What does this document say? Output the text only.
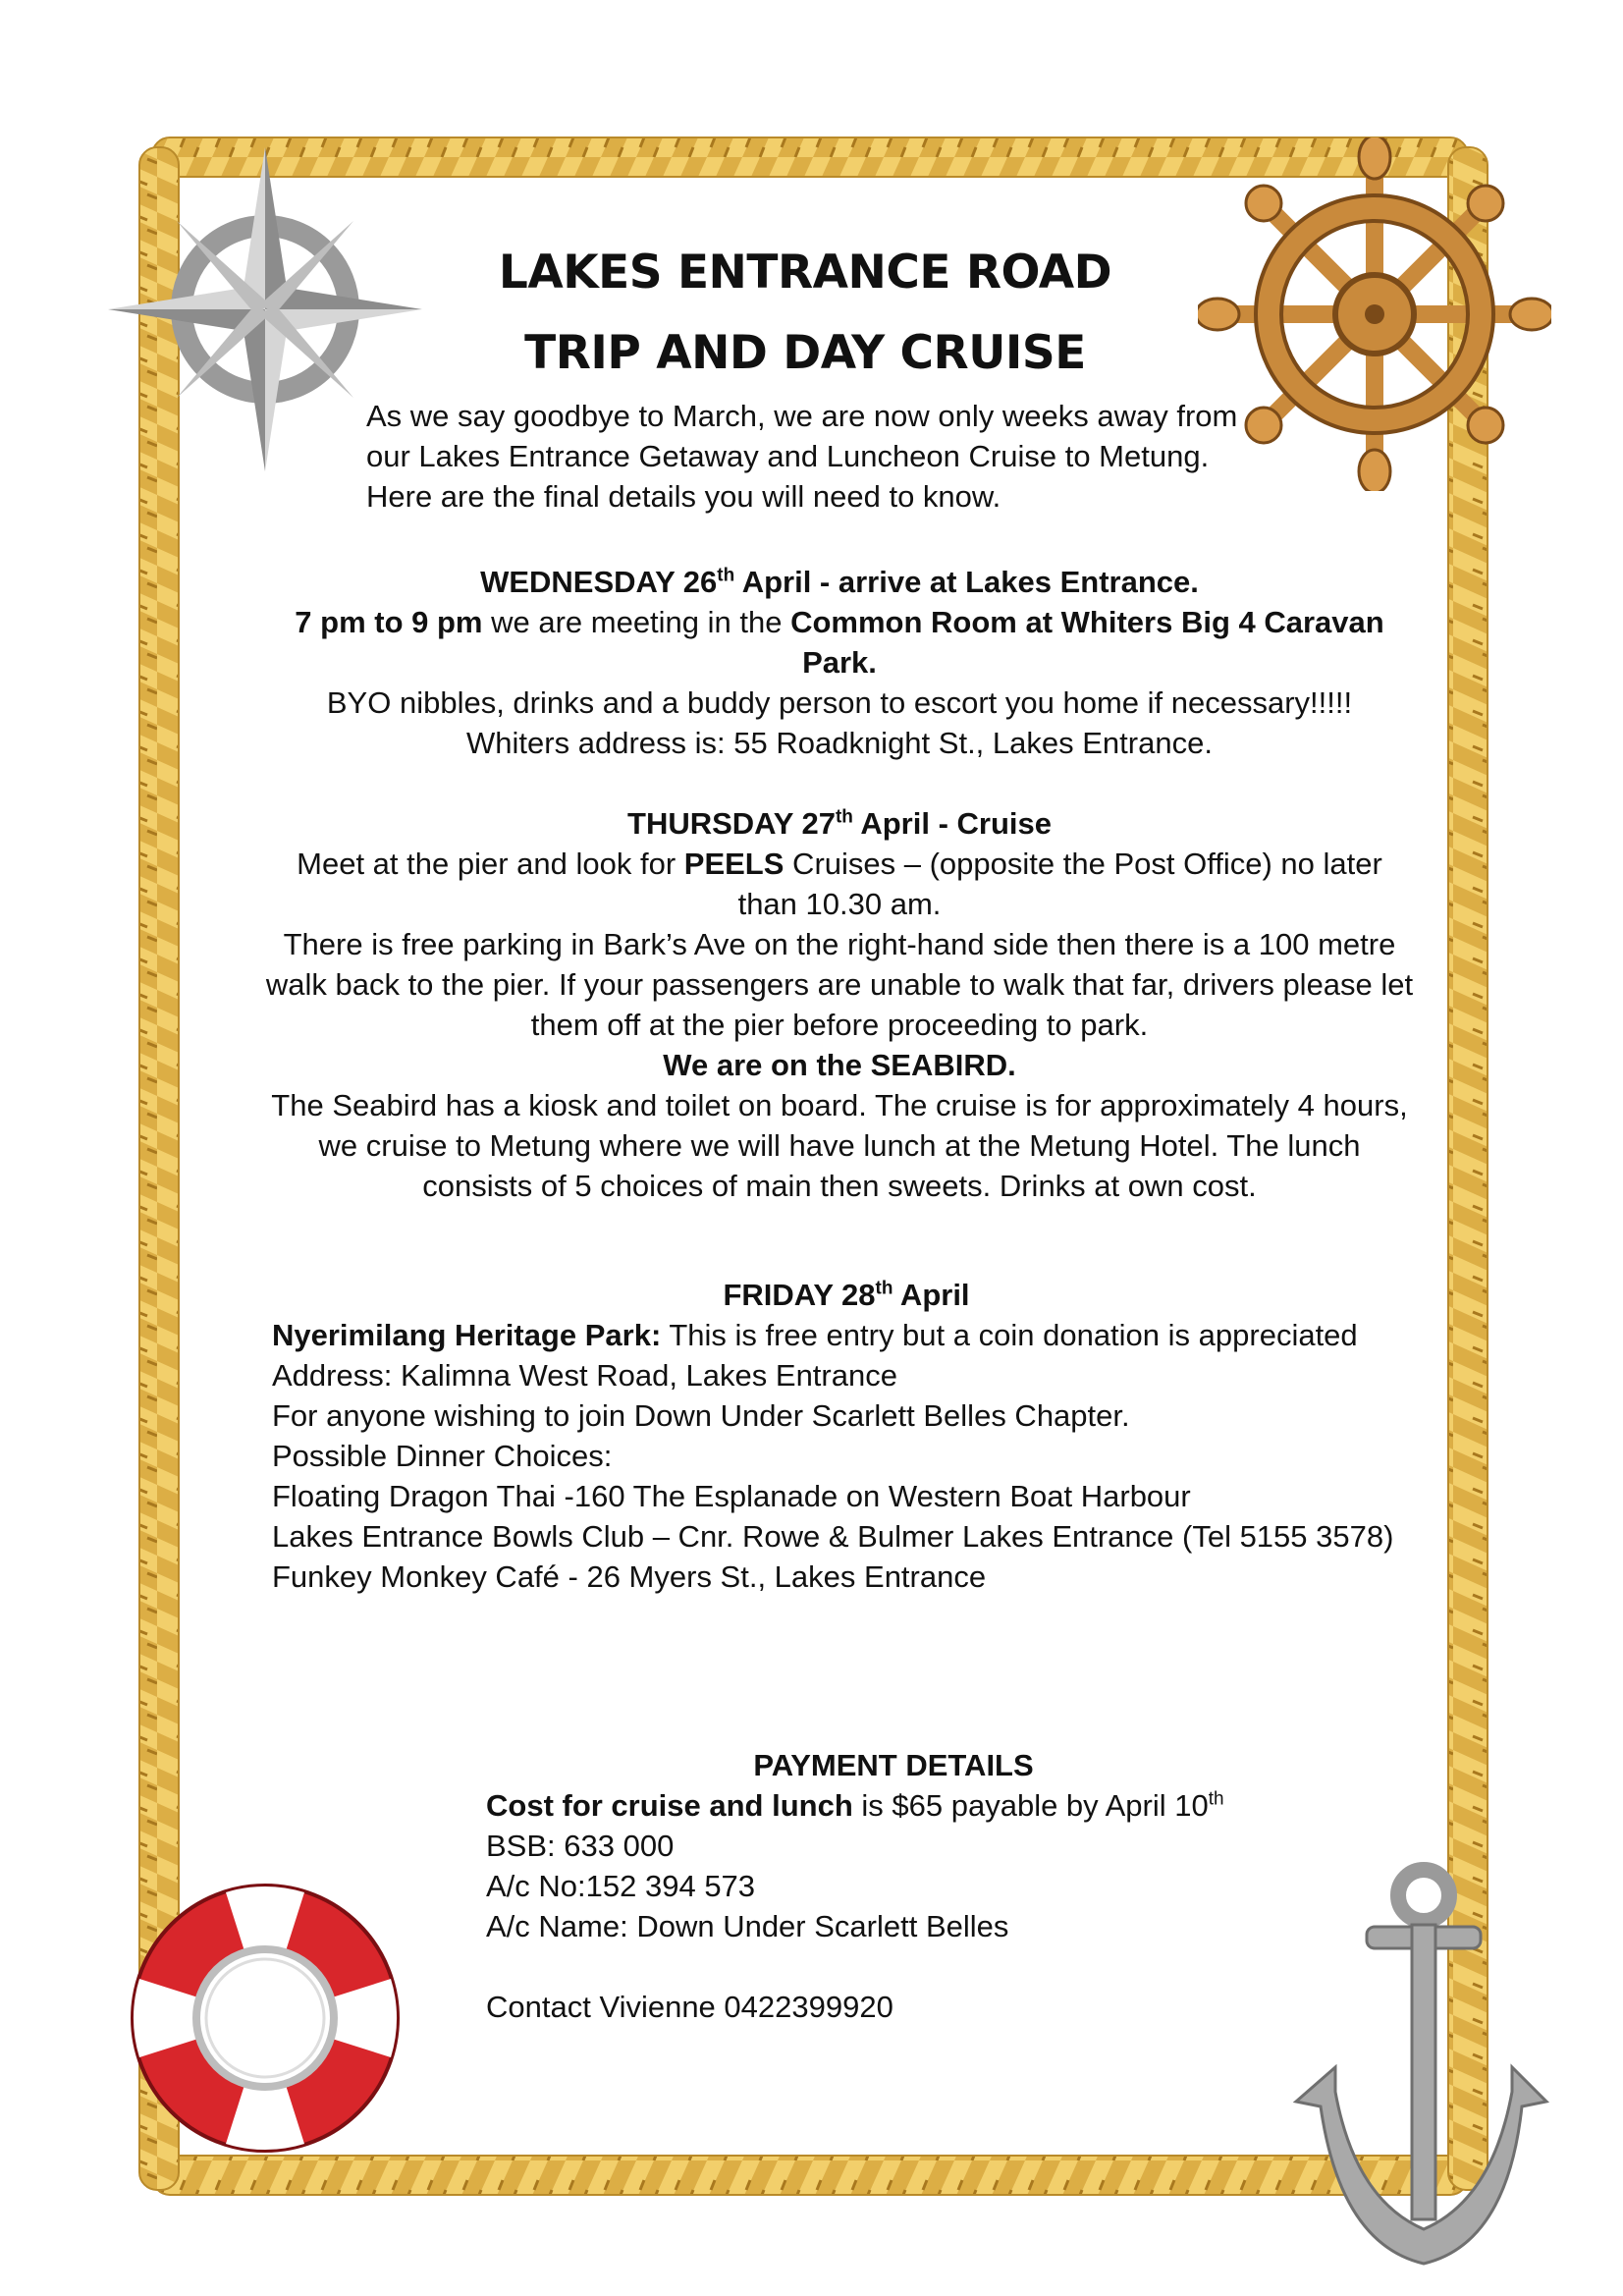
LAKES ENTRANCE ROAD
TRIP AND DAY CRUISE
As we say goodbye to March, we are now only weeks away from our Lakes Entrance Getaway and Luncheon Cruise to Metung. Here are the final details you will need to know.
WEDNESDAY 26th April - arrive at Lakes Entrance.
7 pm to 9 pm we are meeting in the Common Room at Whiters Big 4 Caravan Park.
BYO nibbles, drinks and a buddy person to escort you home if necessary!!!!!
Whiters address is: 55 Roadknight St., Lakes Entrance.
THURSDAY 27th April - Cruise
Meet at the pier and look for PEELS Cruises – (opposite the Post Office) no later than 10.30 am.
There is free parking in Bark’s Ave on the right-hand side then there is a 100 metre walk back to the pier. If your passengers are unable to walk that far, drivers please let them off at the pier before proceeding to park.
We are on the SEABIRD.
The Seabird has a kiosk and toilet on board. The cruise is for approximately 4 hours, we cruise to Metung where we will have lunch at the Metung Hotel. The lunch consists of 5 choices of main then sweets. Drinks at own cost.
FRIDAY 28th April
Nyerimilang Heritage Park: This is free entry but a coin donation is appreciated
Address: Kalimna West Road, Lakes Entrance
For anyone wishing to join Down Under Scarlett Belles Chapter.
Possible Dinner Choices:
Floating Dragon Thai -160 The Esplanade on Western Boat Harbour
Lakes Entrance Bowls Club – Cnr. Rowe & Bulmer Lakes Entrance (Tel 5155 3578)
Funkey Monkey Café - 26 Myers St., Lakes Entrance
PAYMENT DETAILS
Cost for cruise and lunch is $65 payable by April 10th
BSB: 633 000
A/c No:152 394 573
A/c Name: Down Under Scarlett Belles
Contact Vivienne 0422399920
